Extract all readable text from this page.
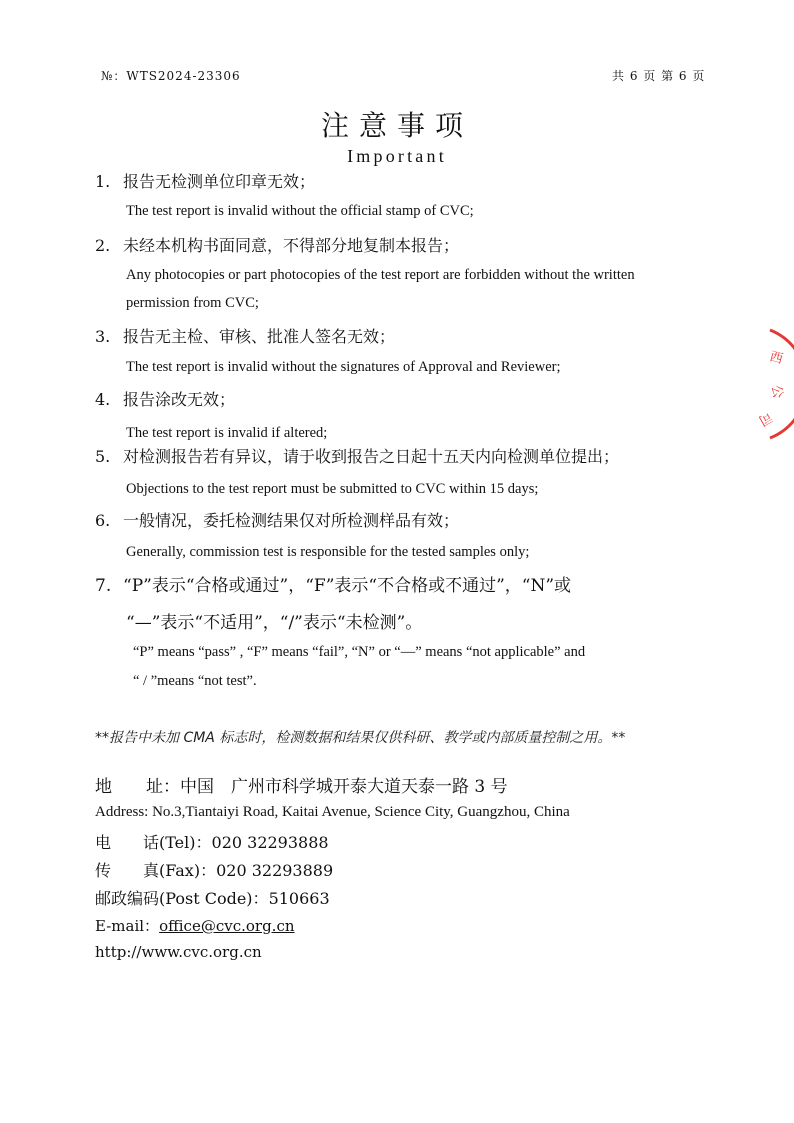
№：WTS2024-23306	共 6 页 第 6 页
注意事项
Important
1. 报告无检测单位印章无效；
The test report is invalid without the official stamp of CVC;
2. 未经本机构书面同意，不得部分地复制本报告；
Any photocopies or part photocopies of the test report are forbidden without the written
permission from CVC;
3. 报告无主检、审核、批准人签名无效；
The test report is invalid without the signatures of Approval and Reviewer;
4. 报告涂改无效；
The test report is invalid if altered;
5. 对检测报告若有异议，请于收到报告之日起十五天内向检测单位提出；
Objections to the test report must be submitted to CVC within 15 days;
6. 一般情况，委托检测结果仅对所检测样品有效；
Generally, commission test is responsible for the tested samples only;
7. “P”表示“合格或通过”，“F”表示“不合格或不通过”，“N”或
“—”表示“不适用”，“/”表示“未检测”。
“P” means “pass” , “F” means “fail”, “N” or “—” means “not applicable” and
“ / ”means “not test”.
**报告中未加 CMA 标志时，检测数据和结果仅供科研、教学或内部质量控制之用。**
地　　址：中国　广州市科学城开泰大道天泰一路 3 号
Address: No.3,Tiantaiyi Road, Kaitai Avenue, Science City, Guangzhou, China
电　　话(Tel)：020 32293888
传　　真(Fax)：020 32293889
邮政编码(Post Code)：510663
E-mail：office@cvc.org.cn
http://www.cvc.org.cn
西
公
司
